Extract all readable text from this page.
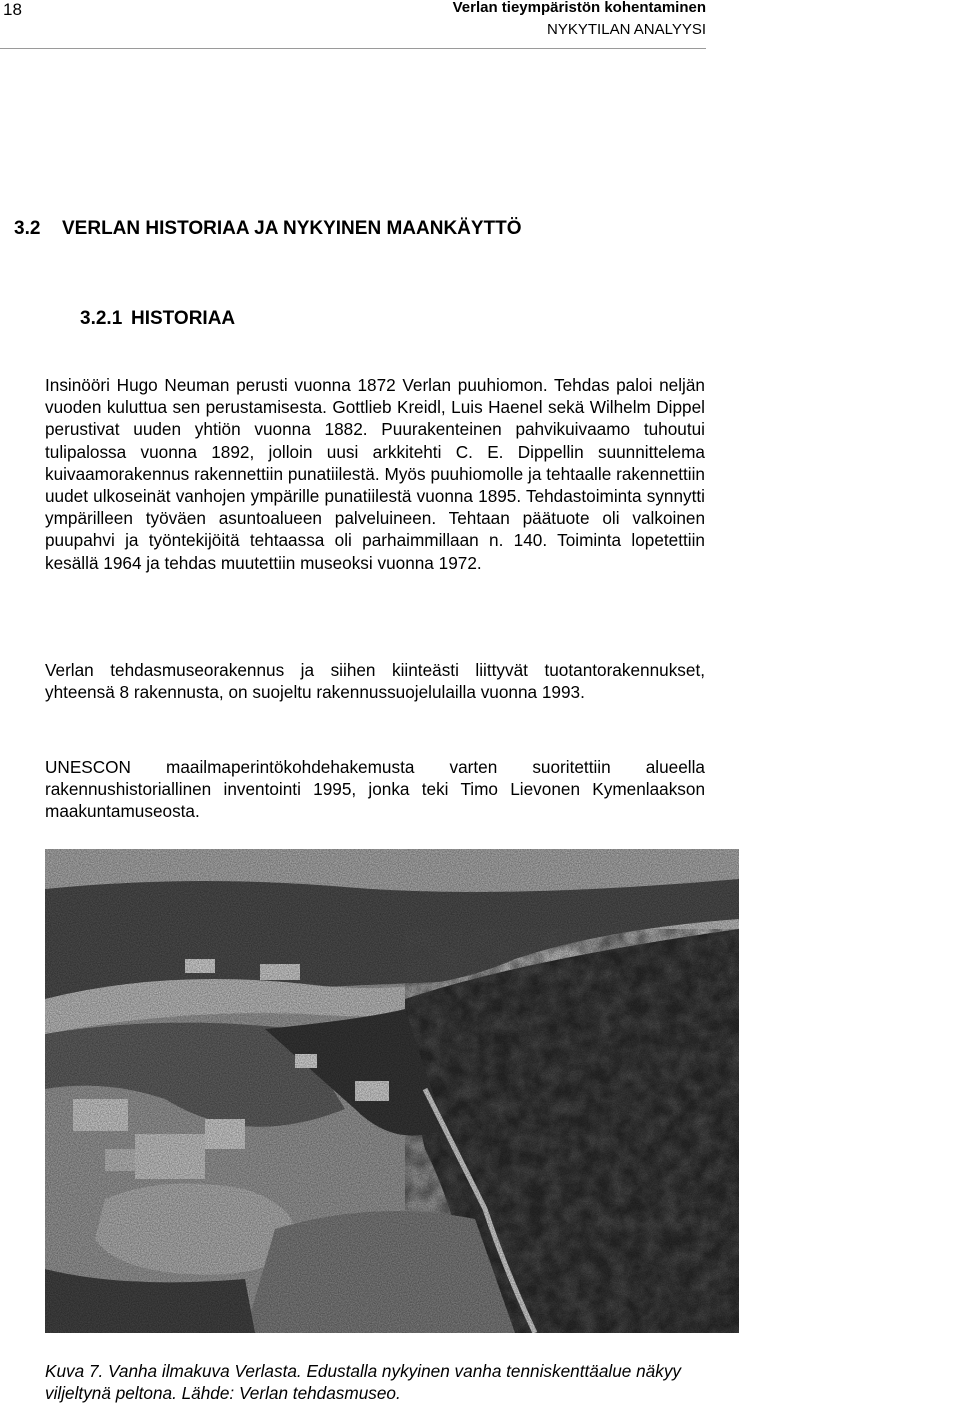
18	Verlan tieympäristön kohentaminen
NYKYTILAN ANALYYSI
3.2 VERLAN HISTORIAA JA NYKYINEN MAANKÄYTTÖ
3.2.1 HISTORIAA

Insinööri Hugo Neuman perusti vuonna 1872 Verlan puuhiomon. Tehdas paloi neljän vuoden kuluttua sen perustamisesta. Gottlieb Kreidl, Luis Haenel sekä Wilhelm Dippel perustivat uuden yhtiön vuonna 1882. Puurakenteinen pahvikuivaamo tuhoutui tulipalossa vuonna 1892, jolloin uusi arkkitehti C. E. Dippellin suunnittelema kuivaamorakennus rakennettiin punatiilestä. Myös puuhiomolle ja tehtaalle rakennettiin uudet ulkoseinät vanhojen ympärille punatiilestä vuonna 1895. Tehdastoiminta synnytti ympärilleen työväen asuntoalueen palveluineen. Tehtaan päätuote oli valkoinen puupahvi ja työntekijöitä tehtaassa oli parhaimmillaan n. 140. Toiminta lopetettiin kesällä 1964 ja tehdas muutettiin museoksi vuonna 1972.

Verlan tehdasmuseorakennus ja siihen kiinteästi liittyvät tuotantorakennukset, yhteensä 8 rakennusta, on suojeltu rakennussuojelulailla vuonna 1993.

UNESCON maailmaperintökohdehakemusta varten suoritettiin alueella rakennushistoriallinen inventointi 1995, jonka teki Timo Lievonen Kymenlaakson maakuntamuseosta.

Kuva 7. Vanha ilmakuva Verlasta. Edustalla nykyinen vanha tenniskenttäalue näkyy viljeltynä peltona. Lähde: Verlan tehdasmuseo.
